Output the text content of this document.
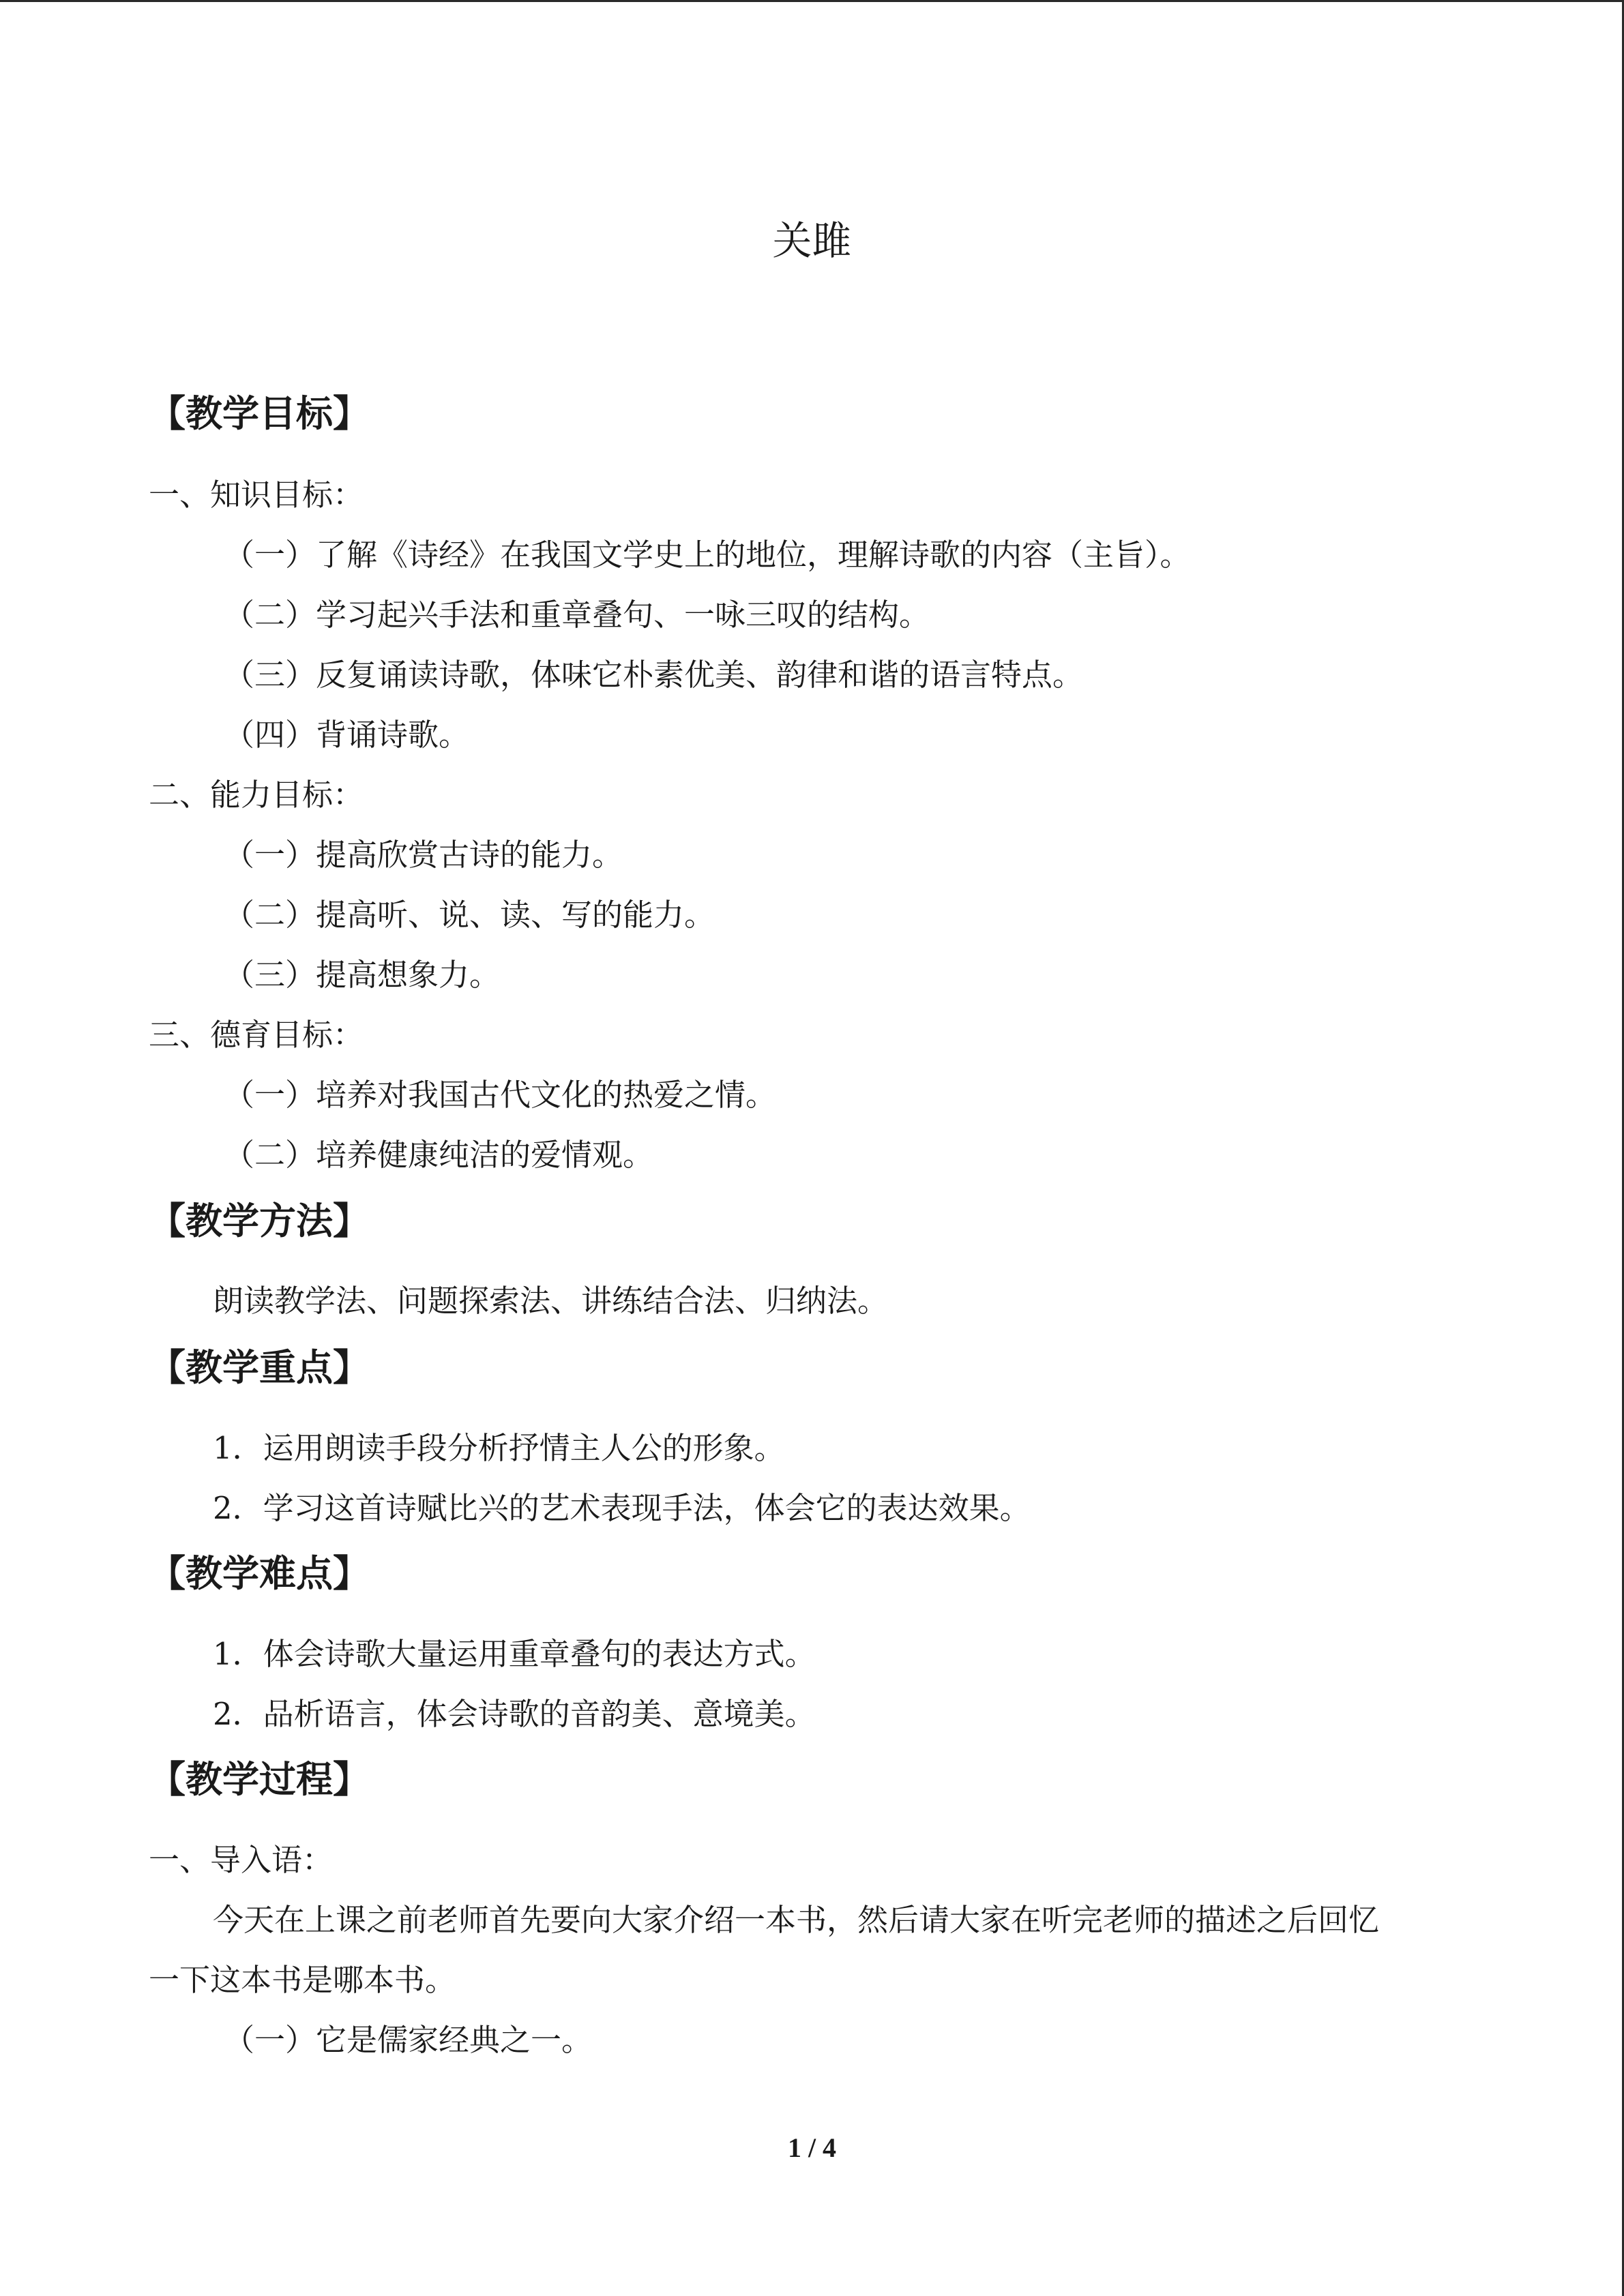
关雎
【教学目标】
一、知识目标：
（一）了解《诗经》在我国文学史上的地位，理解诗歌的内容（主旨）。
（二）学习起兴手法和重章叠句、一咏三叹的结构。
（三）反复诵读诗歌，体味它朴素优美、韵律和谐的语言特点。
（四）背诵诗歌。
二、能力目标：
（一）提高欣赏古诗的能力。
（二）提高听、说、读、写的能力。
（三）提高想象力。
三、德育目标：
（一）培养对我国古代文化的热爱之情。
（二）培养健康纯洁的爱情观。
【教学方法】
朗读教学法、问题探索法、讲练结合法、归纳法。
【教学重点】
1．运用朗读手段分析抒情主人公的形象。
2．学习这首诗赋比兴的艺术表现手法，体会它的表达效果。
【教学难点】
1．体会诗歌大量运用重章叠句的表达方式。
2．品析语言，体会诗歌的音韵美、意境美。
【教学过程】
一、导入语：
今天在上课之前老师首先要向大家介绍一本书，然后请大家在听完老师的描述之后回忆
一下这本书是哪本书。
（一）它是儒家经典之一。
1 / 4
